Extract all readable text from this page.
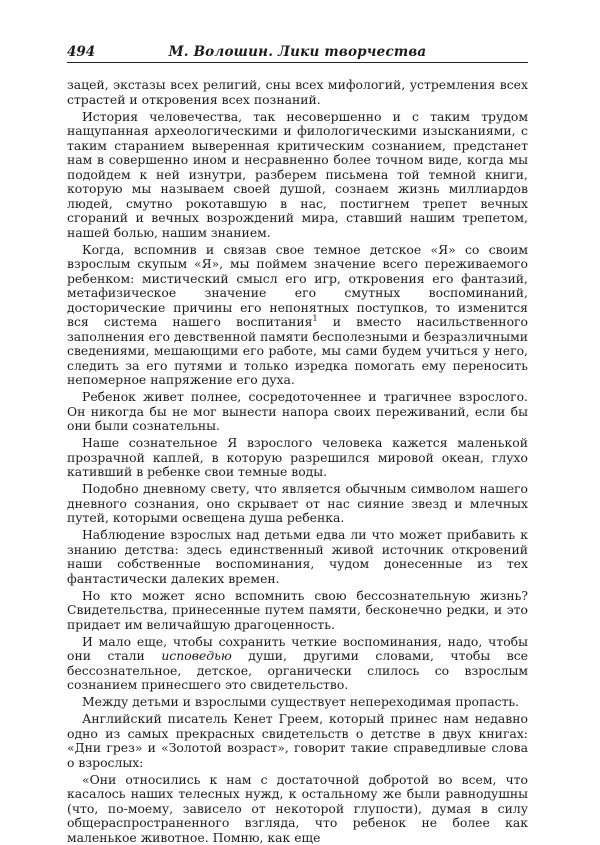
494	М. Волошин. Лики творчества

зацей, экстазы всех религий, сны всех мифологий, устремления всех страстей и откровения всех познаний.

История человечества, так несовершенно и с таким трудом нащупанная археологическими и филологическими изысканиями, с таким старанием выверенная критическим сознанием, предстанет нам в совершенно ином и несравненно более точном виде, когда мы подойдем к ней изнутри, разберем письмена той темной книги, которую мы называем своей душой, сознаем жизнь миллиардов людей, смутно рокотавшую в нас, постигнем трепет вечных сгораний и вечных возрождений мира, ставший нашим трепетом, нашей болью, нашим знанием.

Когда, вспомнив и связав свое темное детское «Я» со своим взрослым скупым «Я», мы поймем значение всего переживаемого ребенком: мистический смысл его игр, откровения его фантазий, метафизическое значение его смутных воспоминаний, досторические причины его непонятных поступков, то изменится вся система нашего воспитания$^1$ и вместо насильственного заполнения его девственной памяти бесполезными и безразличными сведениями, мешающими его работе, мы сами будем учиться у него, следить за его путями и только изредка помогать ему переносить непомерное напряжение его духа.

Ребенок живет полнее, сосредоточеннее и трагичнее взрослого. Он никогда бы не мог вынести напора своих переживаний, если бы они были сознательны.

Наше сознательное Я взрослого человека кажется маленькой прозрачной каплей, в которую разрешился мировой океан, глухо кативший в ребенке свои темные воды.

Подобно дневному свету, что является обычным символом нашего дневного сознания, оно скрывает от нас сияние звезд и млечных путей, которыми освещена душа ребенка.

Наблюдение взрослых над детьми едва ли что может прибавить к знанию детства: здесь единственный живой источник откровений наши собственные воспоминания, чудом донесенные из тех фантастически далеких времен.

Но кто может ясно вспомнить свою бессознательную жизнь? Свидетельства, принесенные путем памяти, бесконечно редки, и это придает им величайшую драгоценность.

И мало еще, чтобы сохранить четкие воспоминания, надо, чтобы они стали исповедью души, другими словами, чтобы все бессознательное, детское, органически слилось со взрослым сознанием принесшего это свидетельство.

Между детьми и взрослыми существует непереходимая пропасть.

Английский писатель Кенет Греем, который принес нам недавно одно из самых прекрасных свидетельств о детстве в двух книгах: «Дни грез» и «Золотой возраст», говорит такие справедливые слова о взрослых:

«Они относились к нам с достаточной добротой во всем, что касалось наших телесных нужд, к остальному же были равнодушны (что, по-моему, зависело от некоторой глупости), думая в силу общераспространенного взгляда, что ребенок не более как маленькое животное. Помню, как еще
